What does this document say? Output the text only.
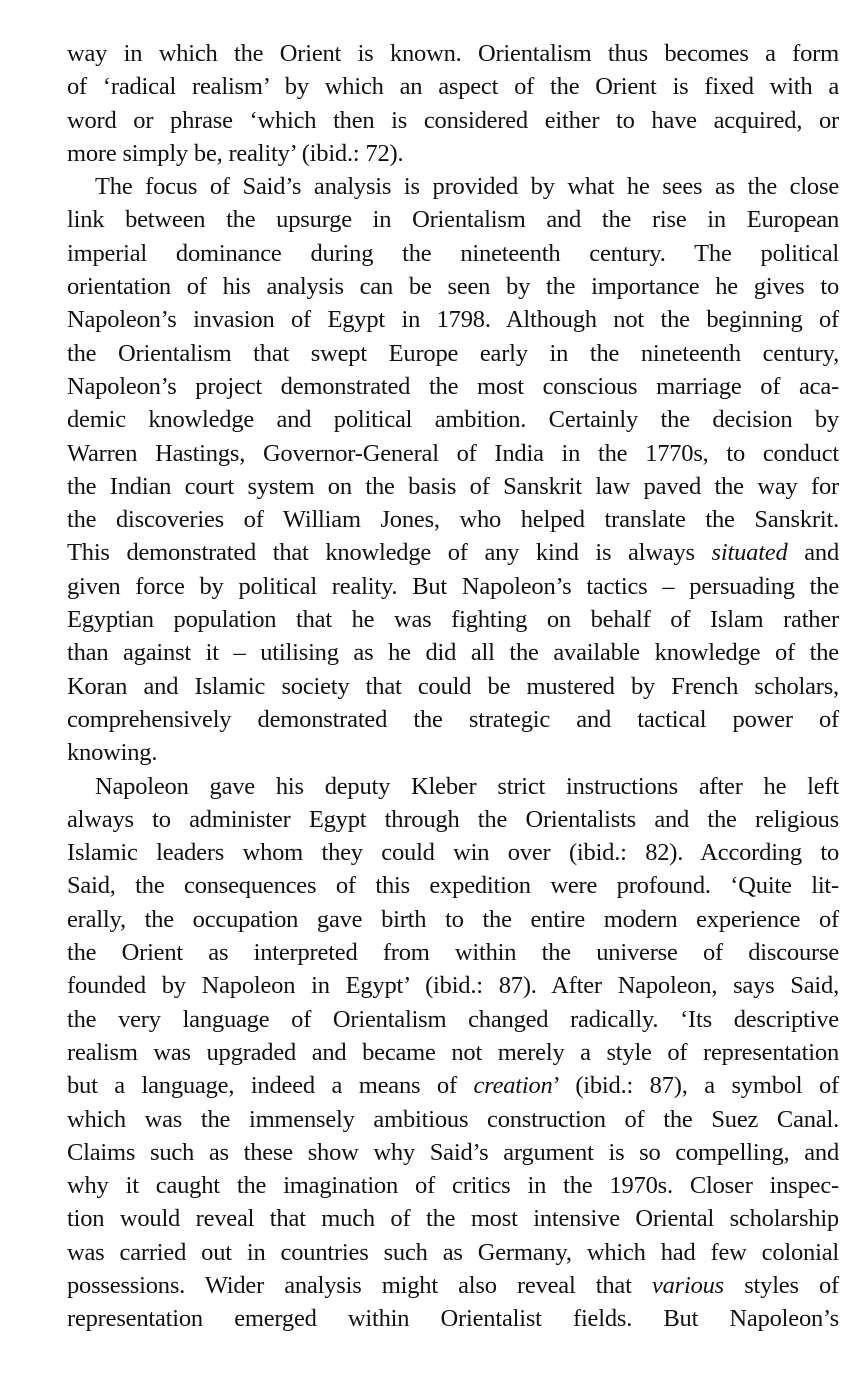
way in which the Orient is known. Orientalism thus becomes a form
of ‘radical realism’ by which an aspect of the Orient is fixed with a
word or phrase ‘which then is considered either to have acquired, or
more simply be, reality’ (ibid.: 72).
The focus of Said’s analysis is provided by what he sees as the close
link between the upsurge in Orientalism and the rise in European
imperial dominance during the nineteenth century. The political
orientation of his analysis can be seen by the importance he gives to
Napoleon’s invasion of Egypt in 1798. Although not the beginning of
the Orientalism that swept Europe early in the nineteenth century,
Napoleon’s project demonstrated the most conscious marriage of aca-
demic knowledge and political ambition. Certainly the decision by
Warren Hastings, Governor-General of India in the 1770s, to conduct
the Indian court system on the basis of Sanskrit law paved the way for
the discoveries of William Jones, who helped translate the Sanskrit.
This demonstrated that knowledge of any kind is always situated and
given force by political reality. But Napoleon’s tactics – persuading the
Egyptian population that he was fighting on behalf of Islam rather
than against it – utilising as he did all the available knowledge of the
Koran and Islamic society that could be mustered by French scholars,
comprehensively demonstrated the strategic and tactical power of
knowing.
Napoleon gave his deputy Kleber strict instructions after he left
always to administer Egypt through the Orientalists and the religious
Islamic leaders whom they could win over (ibid.: 82). According to
Said, the consequences of this expedition were profound. ‘Quite lit-
erally, the occupation gave birth to the entire modern experience of
the Orient as interpreted from within the universe of discourse
founded by Napoleon in Egypt’ (ibid.: 87). After Napoleon, says Said,
the very language of Orientalism changed radically. ‘Its descriptive
realism was upgraded and became not merely a style of representation
but a language, indeed a means of creation’ (ibid.: 87), a symbol of
which was the immensely ambitious construction of the Suez Canal.
Claims such as these show why Said’s argument is so compelling, and
why it caught the imagination of critics in the 1970s. Closer inspec-
tion would reveal that much of the most intensive Oriental scholarship
was carried out in countries such as Germany, which had few colonial
possessions. Wider analysis might also reveal that various styles of
representation emerged within Orientalist fields. But Napoleon’s
